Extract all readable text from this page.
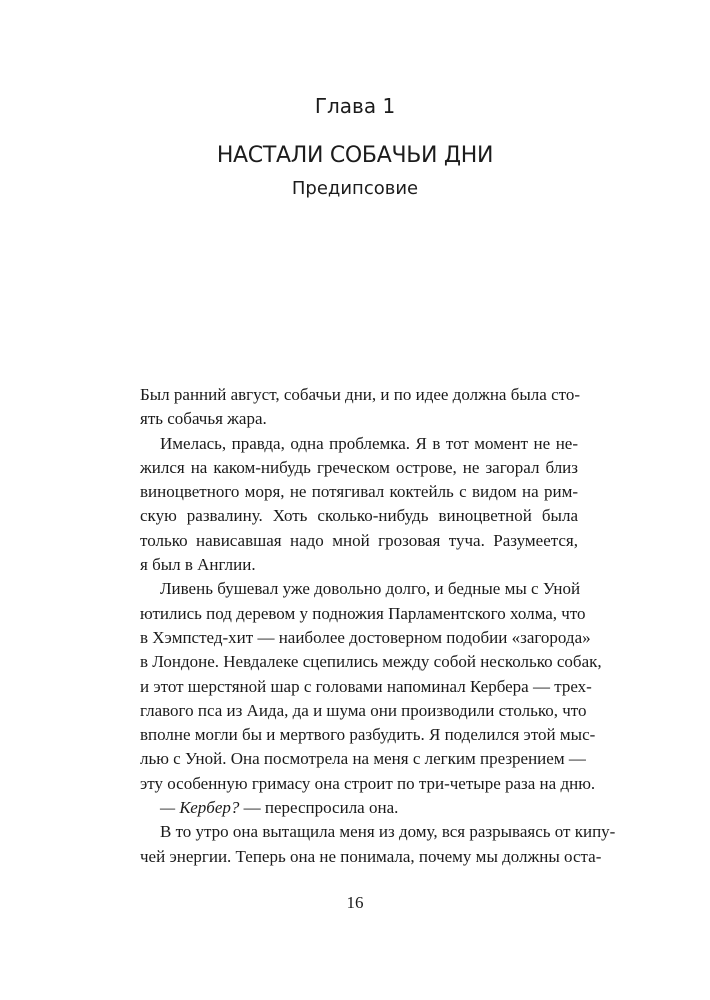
Глава 1
НАСТАЛИ СОБАЧЬИ ДНИ
Предипсовие
Был ранний август, собачьи дни, и по идее должна была сто-
ять собачья жара.
Имелась, правда, одна проблемка. Я в тот момент не не-
жился на каком-нибудь греческом острове, не загорал близ
виноцветного моря, не потягивал коктейль с видом на рим-
скую развалину. Хоть сколько-нибудь виноцветной была
только нависавшая надо мной грозовая туча. Разумеется,
я был в Англии.
Ливень бушевал уже довольно долго, и бедные мы с Уной
ютились под деревом у подножия Парламентского холма, что
в Хэмпстед-хит — наиболее достоверном подобии «загорода»
в Лондоне. Невдалеке сцепились между собой несколько собак,
и этот шерстяной шар с головами напоминал Кербера — трех-
главого пса из Аида, да и шума они производили столько, что
вполне могли бы и мертвого разбудить. Я поделился этой мыс-
лью с Уной. Она посмотрела на меня с легким презрением —
эту особенную гримасу она строит по три-четыре раза на дню.
— Кербер? — переспросила она.
В то утро она вытащила меня из дому, вся разрываясь от кипу-
чей энергии. Теперь она не понимала, почему мы должны оста-
16
